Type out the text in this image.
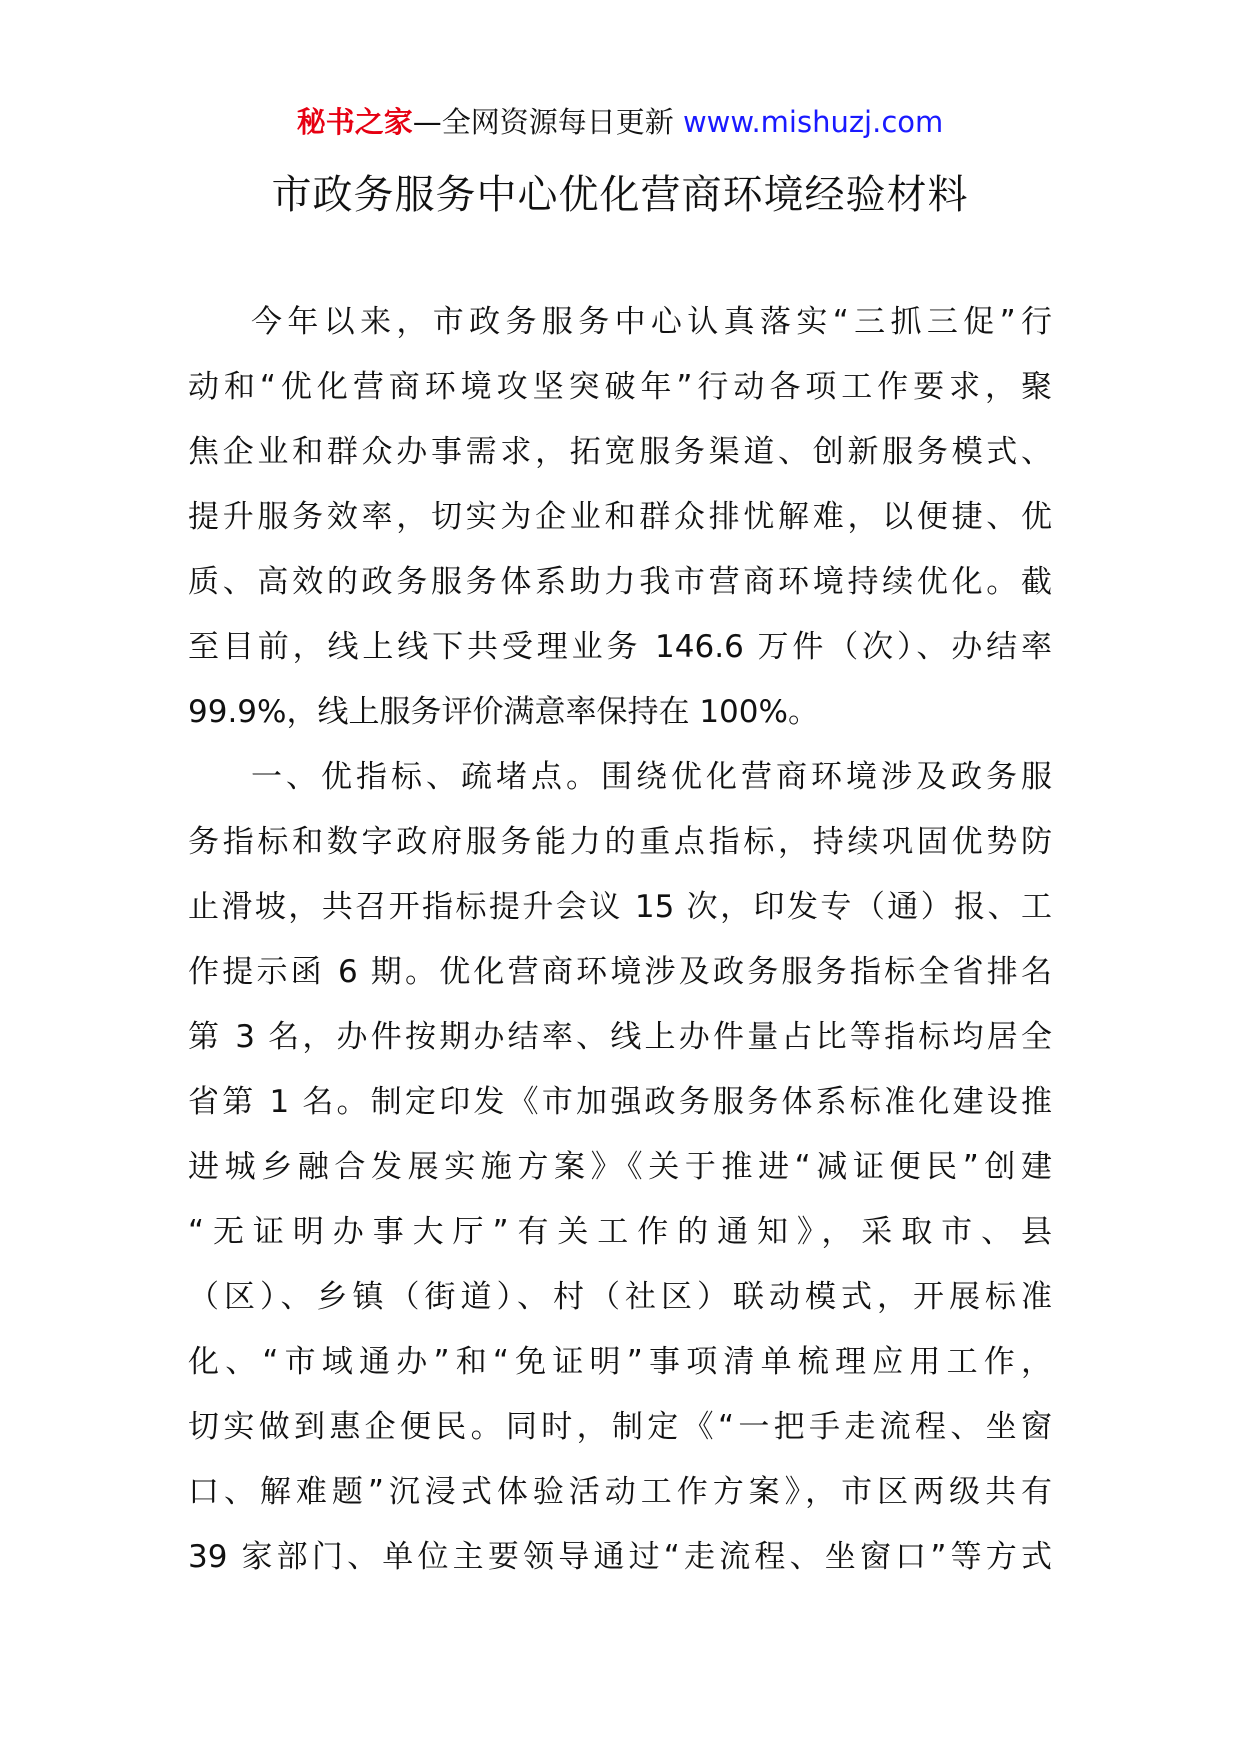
秘书之家—全网资源每日更新 www.mishuzj.com
市政务服务中心优化营商环境经验材料
今年以来，市政务服务中心认真落实“三抓三促”行
动和“优化营商环境攻坚突破年”行动各项工作要求，聚
焦企业和群众办事需求，拓宽服务渠道、创新服务模式、
提升服务效率，切实为企业和群众排忧解难，以便捷、优
质、高效的政务服务体系助力我市营商环境持续优化。截
至目前，线上线下共受理业务 146.6 万件（次）、办结率
99.9%，线上服务评价满意率保持在 100%。
一、优指标、疏堵点。围绕优化营商环境涉及政务服
务指标和数字政府服务能力的重点指标，持续巩固优势防
止滑坡，共召开指标提升会议 15 次，印发专（通）报、工
作提示函 6 期。优化营商环境涉及政务服务指标全省排名
第 3 名，办件按期办结率、线上办件量占比等指标均居全
省第 1 名。制定印发《市加强政务服务体系标准化建设推
进城乡融合发展实施方案》《关于推进“减证便民”创建
“无证明办事大厅”有关工作的通知》，采取市、县
（区）、乡镇（街道）、村（社区）联动模式，开展标准
化、“市域通办”和“免证明”事项清单梳理应用工作，
切实做到惠企便民。同时，制定《“一把手走流程、坐窗
口、解难题”沉浸式体验活动工作方案》，市区两级共有
39 家部门、单位主要领导通过“走流程、坐窗口”等方式
